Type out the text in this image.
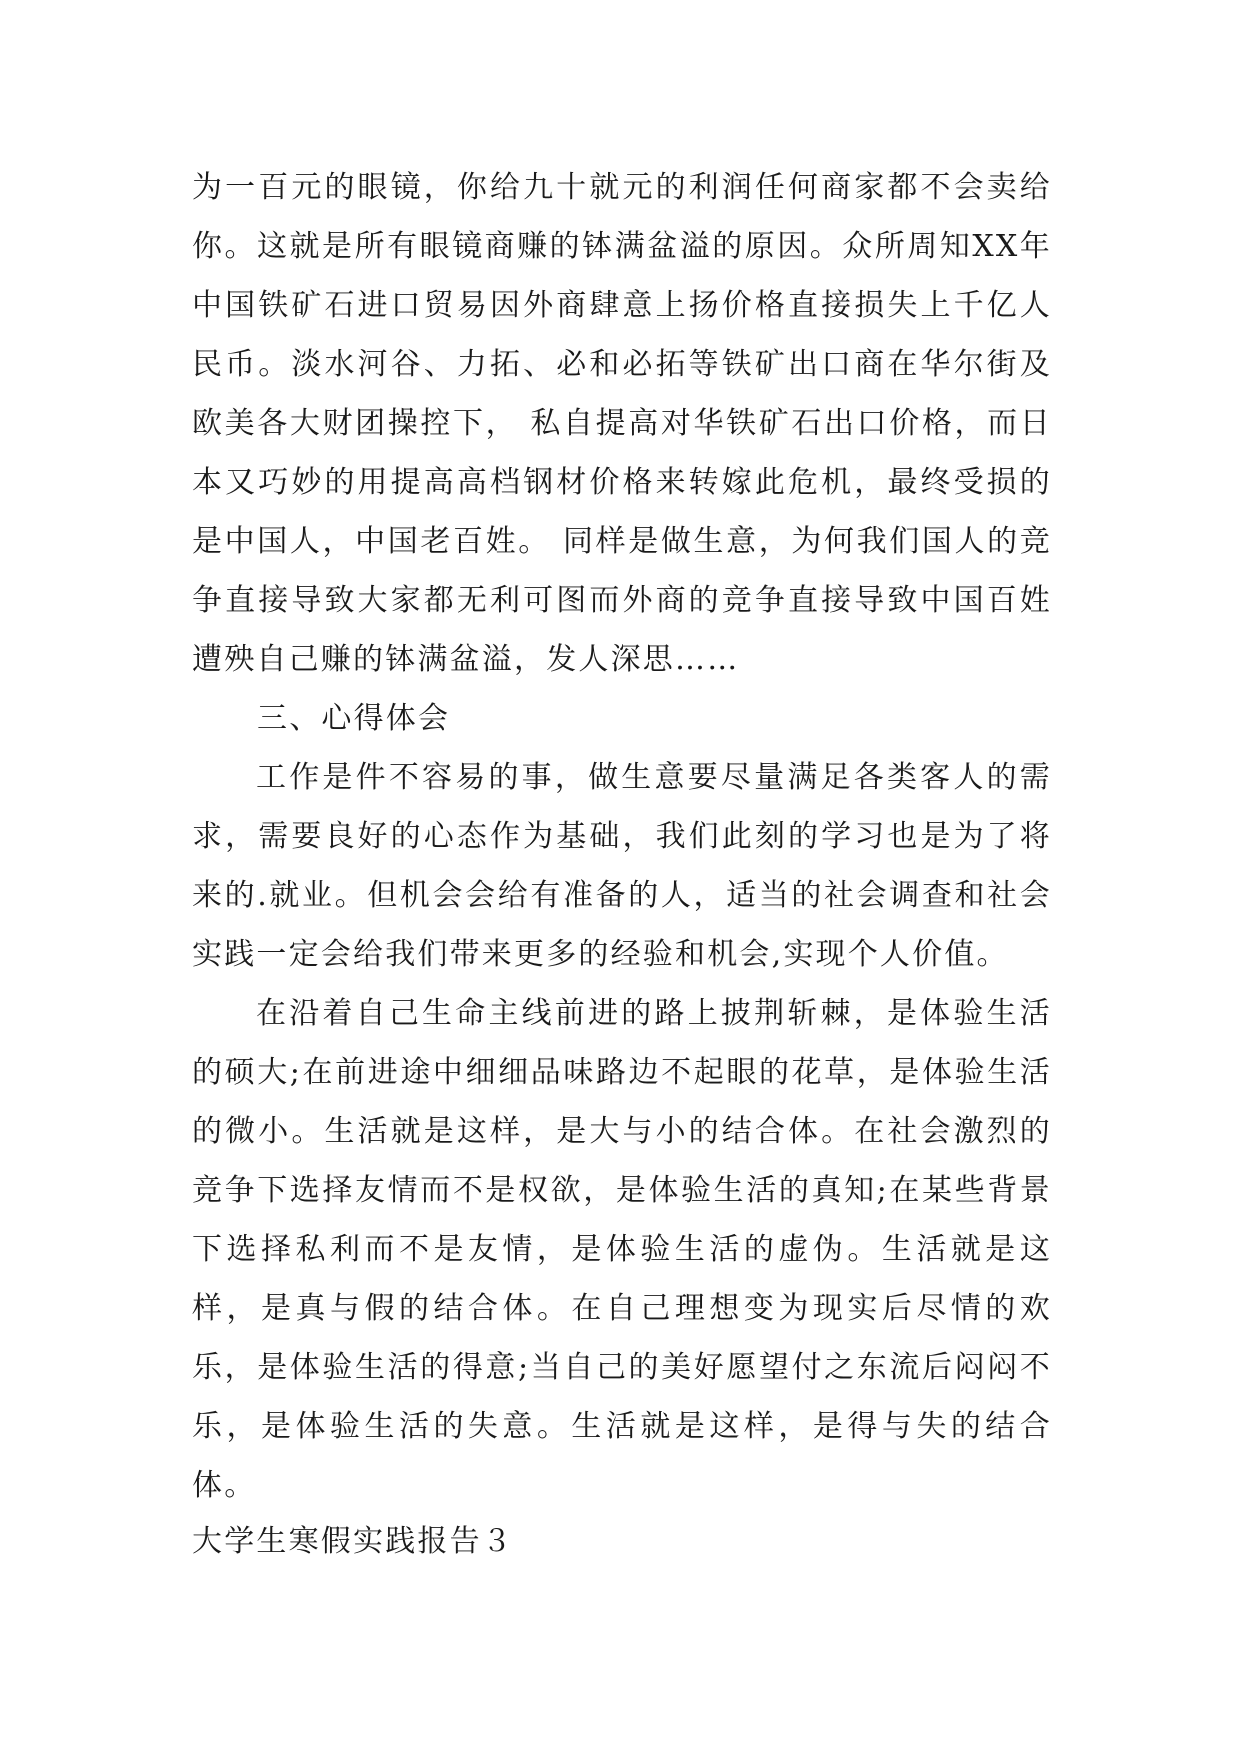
为一百元的眼镜，你给九十就元的利润任何商家都不会卖给你。这就是所有眼镜商赚的钵满盆溢的原因。众所周知XX年中国铁矿石进口贸易因外商肆意上扬价格直接损失上千亿人民币。淡水河谷、力拓、必和必拓等铁矿出口商在华尔街及欧美各大财团操控下， 私自提高对华铁矿石出口价格，而日本又巧妙的用提高高档钢材价格来转嫁此危机，最终受损的是中国人，中国老百姓。 同样是做生意，为何我们国人的竞争直接导致大家都无利可图而外商的竞争直接导致中国百姓遭殃自己赚的钵满盆溢，发人深思……
三、心得体会
工作是件不容易的事，做生意要尽量满足各类客人的需求，需要良好的心态作为基础，我们此刻的学习也是为了将来的.就业。但机会会给有准备的人，适当的社会调查和社会实践一定会给我们带来更多的经验和机会,实现个人价值。
在沿着自己生命主线前进的路上披荆斩棘，是体验生活的硕大;在前进途中细细品味路边不起眼的花草，是体验生活的微小。生活就是这样，是大与小的结合体。在社会激烈的竞争下选择友情而不是权欲，是体验生活的真知;在某些背景下选择私利而不是友情，是体验生活的虚伪。生活就是这样，是真与假的结合体。在自己理想变为现实后尽情的欢乐，是体验生活的得意;当自己的美好愿望付之东流后闷闷不乐，是体验生活的失意。生活就是这样，是得与失的结合体。
大学生寒假实践报告３
